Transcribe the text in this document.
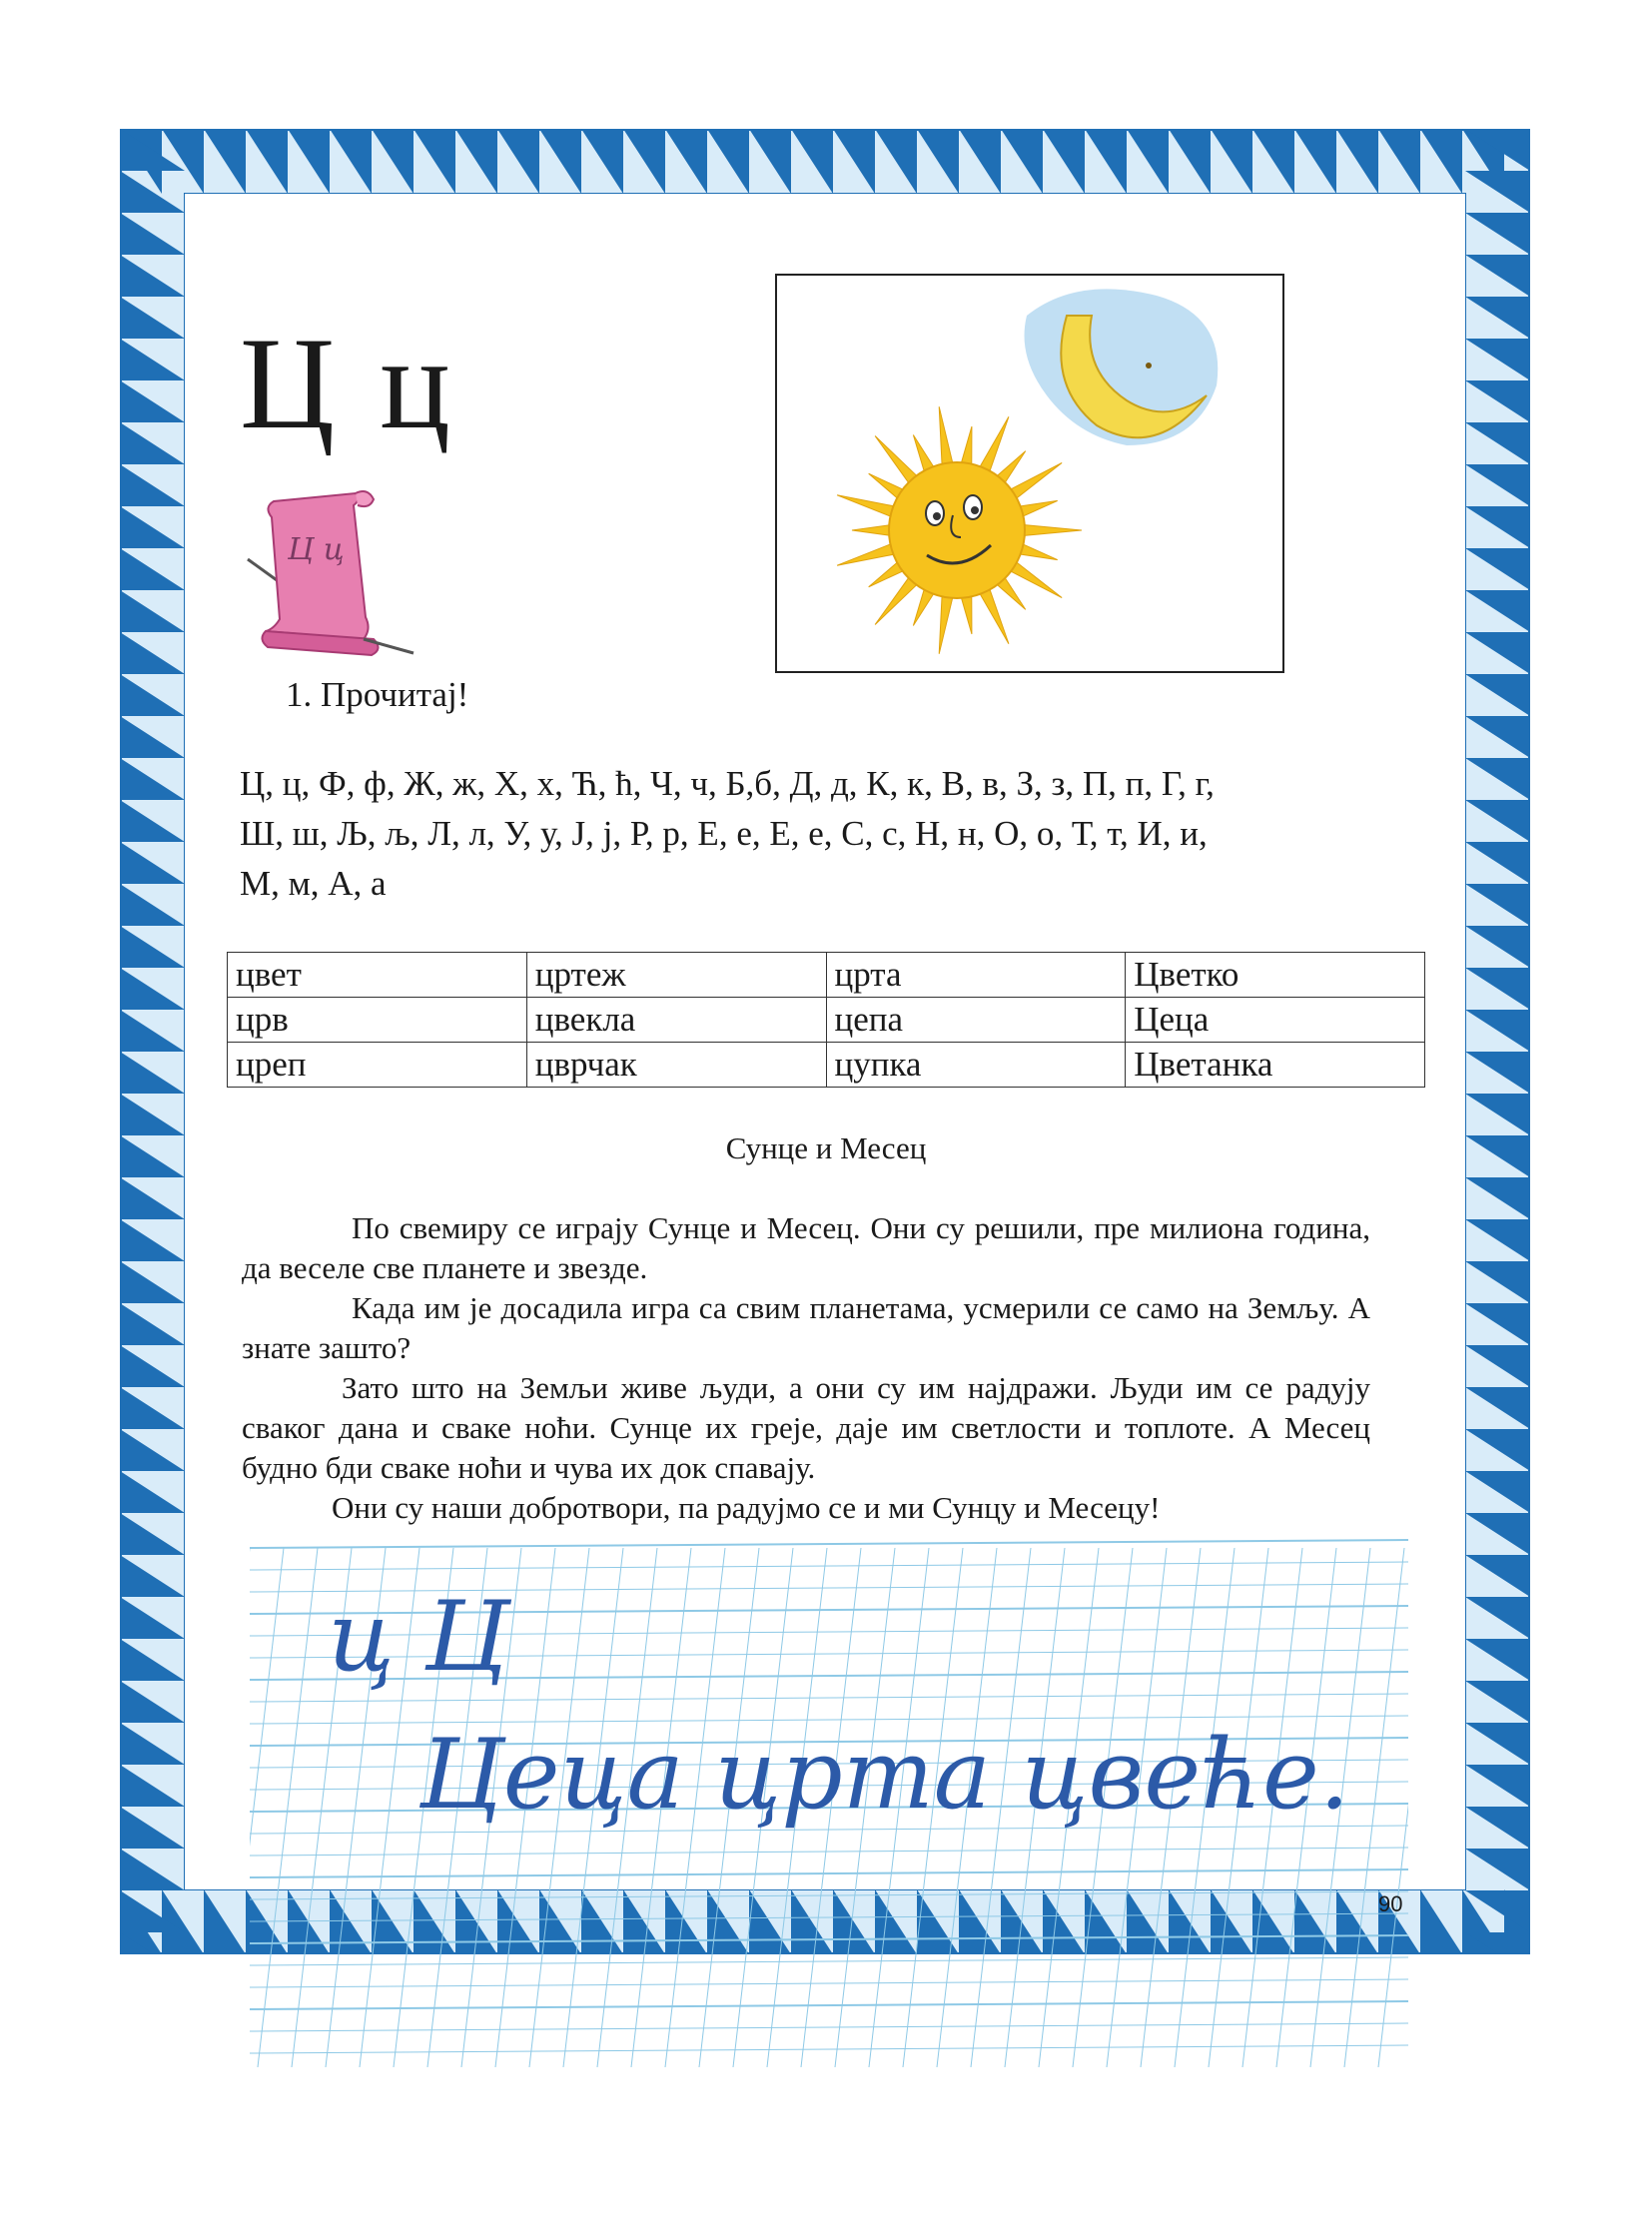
Ц ц
Ц ц
1. Прочитај!
Ц, ц, Ф, ф, Ж, ж, Х, х, Ћ, ћ, Ч, ч, Б,б, Д, д, К, к, В, в, З, з, П, п, Г, г,
Ш, ш, Љ, љ, Л, л, У, у, Ј, ј, Р, р, Е, е, Е, е, С, с, Н, н, О, о, Т, т, И, и,
М, м, А, а
цвет	цртеж	црта	Цветко
црв	цвекла	цепа	Цеца
цреп	цврчак	цупка	Цветанка
Сунце и Месец

По свемиру се играју Сунце и Месец. Они су решили, пре милиона година, да веселе све планете и звезде.

Када им је досадила игра са свим планетама, усмерили се само на Земљу. А знате зашто?

Зато што на Земљи живе људи, а они су им најдражи. Људи им се радују сваког дана и сваке ноћи. Сунце их греје, даје им светлости и топлоте. А Месец будно бди сваке ноћи и чува их док спавају.

Они су наши добротвори, па радујмо се и ми Сунцу и Месецу!

ц Ц
Цеца црта цвеће.
90
